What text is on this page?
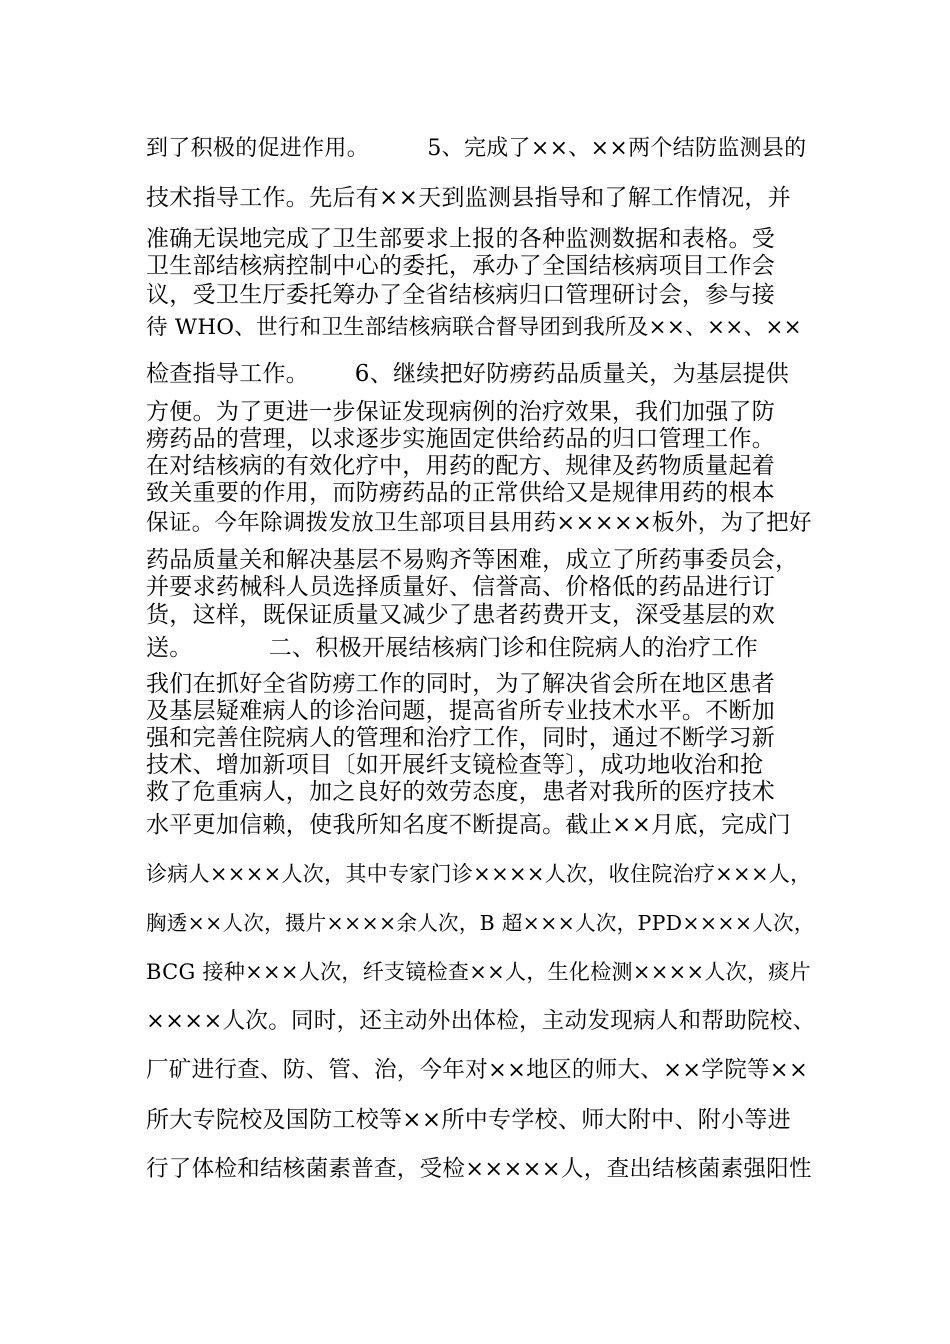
到了积极的促进作用。        5、完成了××、××两个结防监测县的
技术指导工作。先后有××天到监测县指导和了解工作情况，并
准确无误地完成了卫生部要求上报的各种监测数据和表格。受
卫生部结核病控制中心的委托，承办了全国结核病项目工作会
议，受卫生厅委托筹办了全省结核病归口管理研讨会，参与接
待 WHO、世行和卫生部结核病联合督导团到我所及××、××、××
检查指导工作。      6、继续把好防痨药品质量关，为基层提供
方便。为了更进一步保证发现病例的治疗效果，我们加强了防
痨药品的营理，以求逐步实施固定供给药品的归口管理工作。
在对结核病的有效化疗中，用药的配方、规律及药物质量起着
致关重要的作用，而防痨药品的正常供给又是规律用药的根本
保证。今年除调拨发放卫生部项目县用药×××××板外，为了把好
药品质量关和解决基层不易购齐等困难，成立了所药事委员会，
并要求药械科人员选择质量好、信誉高、价格低的药品进行订
货，这样，既保证质量又减少了患者药费开支，深受基层的欢
送。          二、积极开展结核病门诊和住院病人的治疗工作
我们在抓好全省防痨工作的同时，为了解决省会所在地区患者
及基层疑难病人的诊治问题，提高省所专业技术水平。不断加
强和完善住院病人的管理和治疗工作，同时，通过不断学习新
技术、增加新项目〔如开展纤支镜检查等〕，成功地收治和抢
救了危重病人，加之良好的效劳态度，患者对我所的医疗技术
水平更加信赖，使我所知名度不断提高。截止××月底，完成门
诊病人××××人次，其中专家门诊××××人次，收住院治疗×××人，
胸透××人次，摄片××××余人次，B 超×××人次，PPD××××人次，
BCG 接种×××人次，纤支镜检查××人，生化检测××××人次，痰片
××××人次。同时，还主动外出体检，主动发现病人和帮助院校、
厂矿进行查、防、管、治，今年对××地区的师大、××学院等××
所大专院校及国防工校等××所中专学校、师大附中、附小等进
行了体检和结核菌素普查，受检×××××人，查出结核菌素强阳性
